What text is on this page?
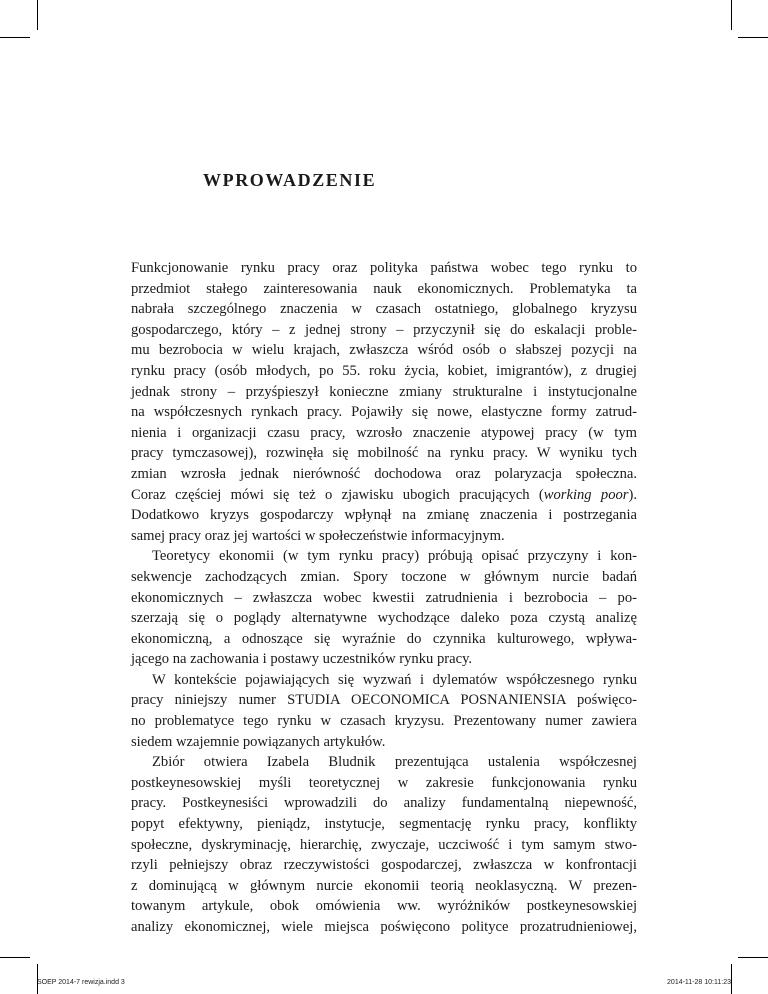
WPROWADZENIE
Funkcjonowanie rynku pracy oraz polityka państwa wobec tego rynku to
przedmiot stałego zainteresowania nauk ekonomicznych. Problematyka ta
nabrała szczególnego znaczenia w czasach ostatniego, globalnego kryzysu
gospodarczego, który – z jednej strony – przyczynił się do eskalacji proble-
mu bezrobocia w wielu krajach, zwłaszcza wśród osób o słabszej pozycji na
rynku pracy (osób młodych, po 55. roku życia, kobiet, imigrantów), z drugiej
jednak strony – przyśpieszył konieczne zmiany strukturalne i instytucjonalne
na współczesnych rynkach pracy. Pojawiły się nowe, elastyczne formy zatrud-
nienia i organizacji czasu pracy, wzrosło znaczenie atypowej pracy (w tym
pracy tymczasowej), rozwinęła się mobilność na rynku pracy. W wyniku tych
zmian wzrosła jednak nierówność dochodowa oraz polaryzacja społeczna.
Coraz częściej mówi się też o zjawisku ubogich pracujących (working poor).
Dodatkowo kryzys gospodarczy wpłynął na zmianę znaczenia i postrzegania
samej pracy oraz jej wartości w społeczeństwie informacyjnym.
Teoretycy ekonomii (w tym rynku pracy) próbują opisać przyczyny i kon-
sekwencje zachodzących zmian. Spory toczone w głównym nurcie badań
ekonomicznych – zwłaszcza wobec kwestii zatrudnienia i bezrobocia – po-
szerzają się o poglądy alternatywne wychodzące daleko poza czystą analizę
ekonomiczną, a odnoszące się wyraźnie do czynnika kulturowego, wpływa-
jącego na zachowania i postawy uczestników rynku pracy.
W kontekście pojawiających się wyzwań i dylematów współczesnego rynku
pracy niniejszy numer STUDIA OECONOMICA POSNANIENSIA poświęco-
no problematyce tego rynku w czasach kryzysu. Prezentowany numer zawiera
siedem wzajemnie powiązanych artykułów.
Zbiór otwiera Izabela Bludnik prezentująca ustalenia współczesnej
postkeynesowskiej myśli teoretycznej w zakresie funkcjonowania rynku
pracy. Postkeynesiści wprowadzili do analizy fundamentalną niepewność,
popyt efektywny, pieniądz, instytucje, segmentację rynku pracy, konflikty
społeczne, dyskryminację, hierarchię, zwyczaje, uczciwość i tym samym stwo-
rzyli pełniejszy obraz rzeczywistości gospodarczej, zwłaszcza w konfrontacji
z dominującą w głównym nurcie ekonomii teorią neoklasyczną. W prezen-
towanym artykule, obok omówienia ww. wyróżników postkeynesowskiej
analizy ekonomicznej, wiele miejsca poświęcono polityce prozatrudnieniowej,
SOEP 2014-7 rewizja.indd 3	2014-11-28 10:11:23
